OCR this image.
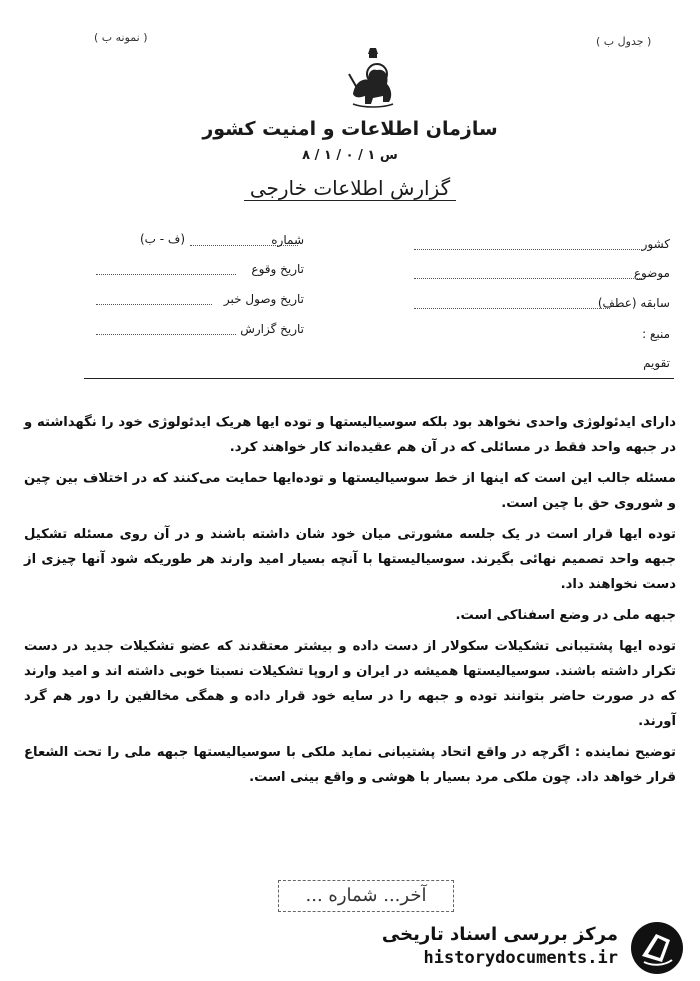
( جدول ب )
( نمونه ب )
سازمان اطلاعات و امنیت کشور
س ۱ / ۰ / ۱ / ۸
گزارش اطلاعات خارجی
کشور
شماره
(ف - ب)
موضوع
تاریخ وقوع
سابقه (عطف)
تاریخ وصول خبر
منبع :
تاریخ گزارش
تقویم

دارای ایدئولوژی واحدی نخواهد بود بلکه سوسیالیستها و توده ایها هریک ایدئولوژی خود را نگهداشته و در جبهه واحد فقط در مسائلی که در آن هم عقیده‌اند کار خواهند کرد.

مسئله جالب این است که اینها از خط سوسیالیستها و توده‌ایها حمایت می‌کنند که در اختلاف بین چین و شوروی حق با چین است.

توده ایها قرار است در یک جلسه مشورتی میان خود شان داشته باشند و در آن روی مسئله تشکیل جبهه واحد تصمیم نهائی بگیرند. سوسیالیستها با آنچه بسیار امید وارند هر طوریکه شود آنها چیزی از دست نخواهند داد.

جبهه ملی در وضع اسفناکی است.

توده ایها پشتیبانی تشکیلات سکولار از دست داده و بیشتر معتقدند که عضو تشکیلات جدید در دست تکرار داشته باشند. سوسیالیستها همیشه در ایران و اروپا تشکیلات نسبتا خوبی داشته اند و امید وارند که در صورت حاضر بتوانند توده و جبهه را در سایه خود قرار داده و همگی مخالفین را دور هم گرد آورند.

توضیح نماینده : اگرچه در واقع اتحاد پشتیبانی نماید ملکی با سوسیالیستها جبهه ملی را تحت الشعاع قرار خواهد داد. چون ملکی مرد بسیار با هوشی و واقع بینی است.

آخر... شماره ...
مرکز بررسی اسناد تاریخی
historydocuments.ir
